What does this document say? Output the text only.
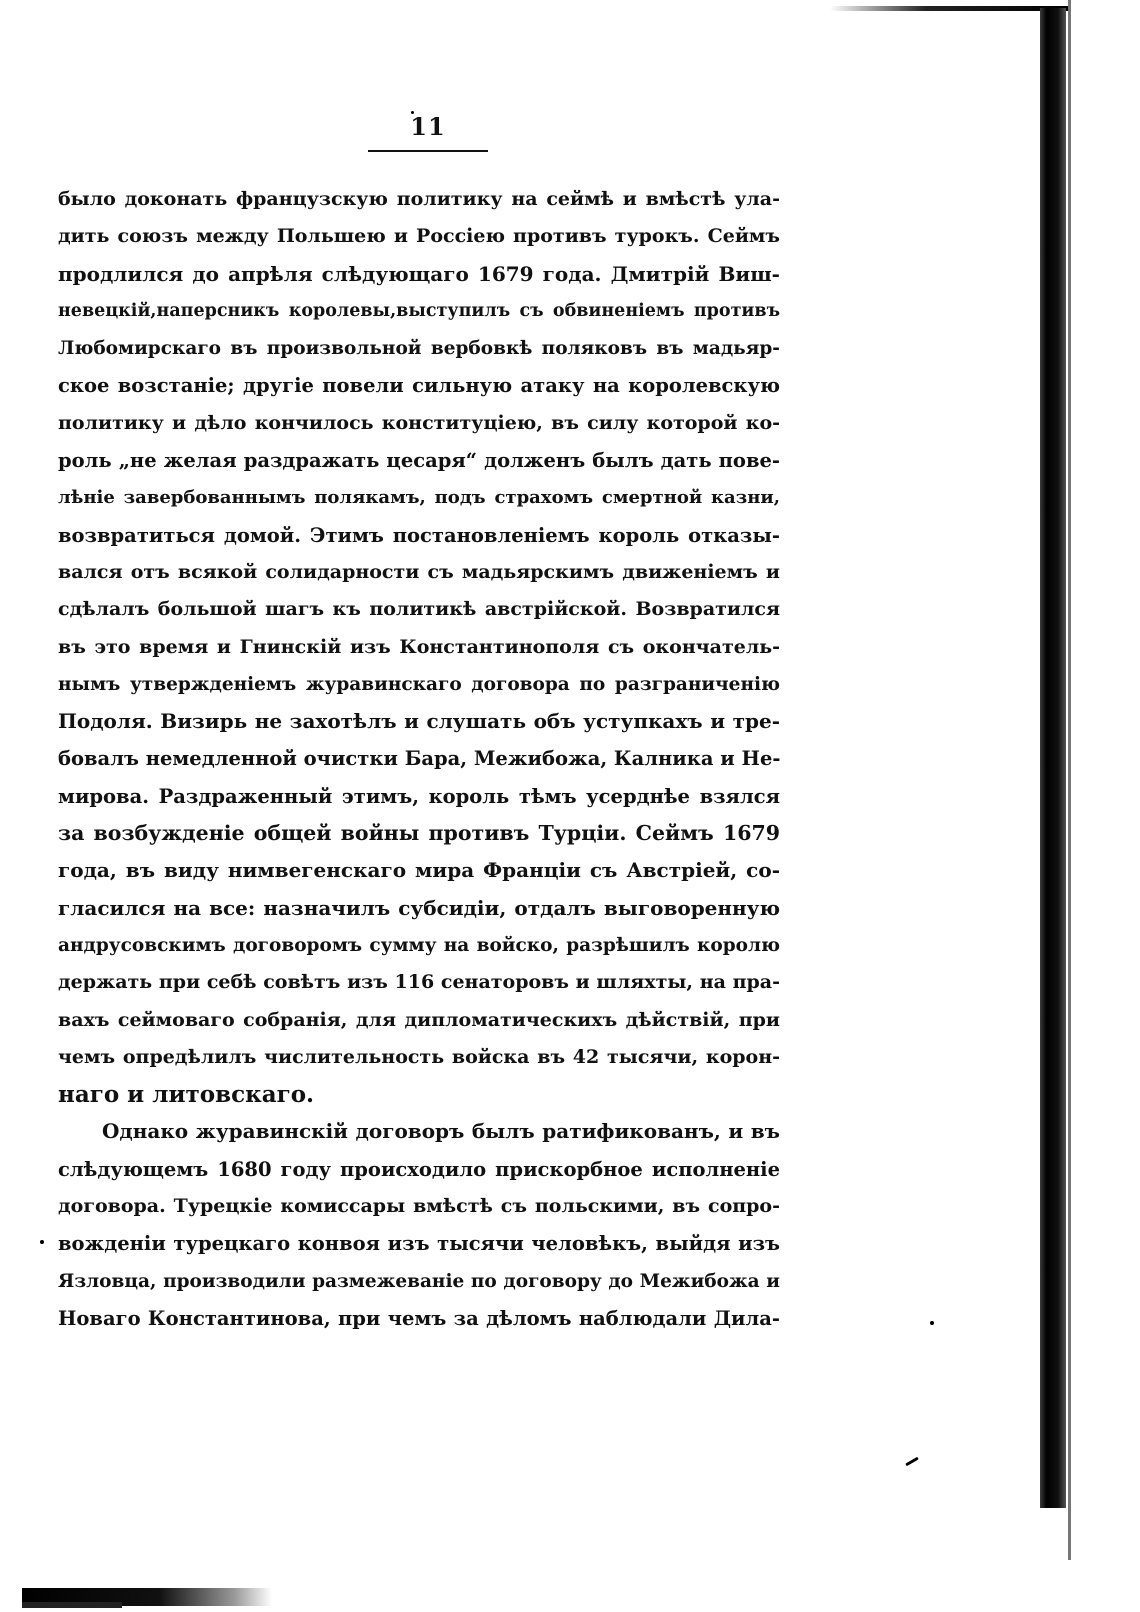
11
было доконать французскую политику на сеймѣ и вмѣстѣ ула-
дить союзъ между Польшею и Россіею противъ турокъ. Сеймъ
продлился до апрѣля слѣдующаго 1679 года. Дмитрій Виш-
невецкій,наперсникъ королевы,выступилъ съ обвиненіемъ противъ
Любомирскаго въ произвольной вербовкѣ поляковъ въ мадьяр-
ское возстаніе; другіе повели сильную атаку на королевскую
политику и дѣло кончилось конституціею, въ силу которой ко-
роль „не желая раздражать цесаря“ долженъ былъ дать пове-
лѣніе завербованнымъ полякамъ, подъ страхомъ смертной казни,
возвратиться домой. Этимъ постановленіемъ король отказы-
вался отъ всякой солидарности съ мадьярскимъ движеніемъ и
сдѣлалъ большой шагъ къ политикѣ австрійской. Возвратился
въ это время и Гнинскій изъ Константинополя съ окончатель-
нымъ утвержденіемъ журавинскаго договора по разграниченію
Подоля. Визирь не захотѣлъ и слушать объ уступкахъ и тре-
бовалъ немедленной очистки Бара, Межибожа, Калника и Не-
мирова. Раздраженный этимъ, король тѣмъ усерднѣе взялся
за возбужденіе общей войны противъ Турціи. Сеймъ 1679
года, въ виду нимвегенскаго мира Франціи съ Австріей, со-
гласился на все: назначилъ субсидіи, отдалъ выговоренную
андрусовскимъ договоромъ сумму на войско, разрѣшилъ королю
держать при себѣ совѣтъ изъ 116 сенаторовъ и шляхты, на пра-
вахъ сеймоваго собранія, для дипломатическихъ дѣйствій, при
чемъ опредѣлилъ числительность войска въ 42 тысячи, корон-
наго и литовскаго.
Однако журавинскій договоръ былъ ратификованъ, и въ
слѣдующемъ 1680 году происходило прискорбное исполненіе
договора. Турецкіе комиссары вмѣстѣ съ польскими, въ сопро-
вожденіи турецкаго конвоя изъ тысячи человѣкъ, выйдя изъ
Язловца, производили размежеваніе по договору до Межибожа и
Новаго Константинова, при чемъ за дѣломъ наблюдали Дила-
